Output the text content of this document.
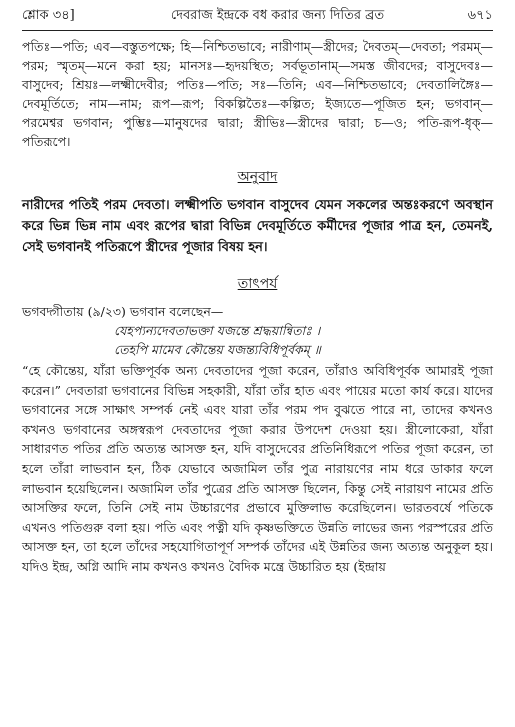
শ্লোক ৩৪]	দেবরাজ ইন্দ্রকে বধ করার জন্য দিতির ব্রত	৬৭১

পতিঃ—পতি; এব—বস্তুতপক্ষে; হি—নিশ্চিতভাবে; নারীণাম্—স্ত্রীদের; দৈবতম্—দেবতা; পরমম্—পরম; স্মৃতম্—মনে করা হয়; মানসঃ—হৃদয়স্থিত; সর্বভূতানাম্—সমস্ত জীবদের; বাসুদেবঃ—বাসুদেব; শ্রিয়ঃ—লক্ষ্মীদেবীর; পতিঃ—পতি; সঃ—তিনি; এব—নিশ্চিতভাবে; দেবতালিঙ্গৈঃ—দেবমূর্তিতে; নাম—নাম; রূপ—রূপ; বিকল্পিতৈঃ—কল্পিত; ইজ্যতে—পূজিত হন; ভগবান্—পরমেশ্বর ভগবান; পুম্ভিঃ—মানুষদের দ্বারা; স্ত্রীভিঃ—স্ত্রীদের দ্বারা; চ—ও; পতি-রূপ-ধৃক্—পতিরূপে।

অনুবাদ

নারীদের পতিই পরম দেবতা। লক্ষ্মীপতি ভগবান বাসুদেব যেমন সকলের অন্তঃকরণে অবস্থান করে ভিন্ন ভিন্ন নাম এবং রূপের দ্বারা বিভিন্ন দেবমূর্তিতে কর্মীদের পূজার পাত্র হন, তেমনই, সেই ভগবানই পতিরূপে স্ত্রীদের পূজার বিষয় হন।

তাৎপর্য

ভগবদ্গীতায় (৯/২৩) ভগবান বলেছেন—

যেহপ্যন্যদেবতাভক্তা যজন্তে শ্রদ্ধয়ান্বিতাঃ ।
তেহপি মামেব কৌন্তেয় যজন্ত্যবিধিপূর্বকম্ ॥

“হে কৌন্তেয়, যাঁরা ভক্তিপূর্বক অন্য দেবতাদের পূজা করেন, তাঁরাও অবিধিপূর্বক আমারই পূজা করেন।” দেবতারা ভগবানের বিভিন্ন সহকারী, যাঁরা তাঁর হাত এবং পায়ের মতো কার্য করে। যাদের ভগবানের সঙ্গে সাক্ষাৎ সম্পর্ক নেই এবং যারা তাঁর পরম পদ বুঝতে পারে না, তাদের কখনও কখনও ভগবানের অঙ্গস্বরূপ দেবতাদের পূজা করার উপদেশ দেওয়া হয়। স্ত্রীলোকেরা, যাঁরা সাধারণত পতির প্রতি অত্যন্ত আসক্ত হন, যদি বাসুদেবের প্রতিনিধিরূপে পতির পূজা করেন, তা হলে তাঁরা লাভবান হন, ঠিক যেভাবে অজামিল তাঁর পুত্র নারায়ণের নাম ধরে ডাকার ফলে লাভবান হয়েছিলেন। অজামিল তাঁর পুত্রের প্রতি আসক্ত ছিলেন, কিন্তু সেই নারায়ণ নামের প্রতি আসক্তির ফলে, তিনি সেই নাম উচ্চারণের প্রভাবে মুক্তিলাভ করেছিলেন। ভারতবর্ষে পতিকে এখনও পতিগুরু বলা হয়। পতি এবং পত্নী যদি কৃষ্ণভক্তিতে উন্নতি লাভের জন্য পরস্পরের প্রতি আসক্ত হন, তা হলে তাঁদের সহযোগিতাপূর্ণ সম্পর্ক তাঁদের এই উন্নতির জন্য অত্যন্ত অনুকূল হয়। যদিও ইন্দ্র, অগ্নি আদি নাম কখনও কখনও বৈদিক মন্ত্রে উচ্চারিত হয় (ইন্দ্রায়
